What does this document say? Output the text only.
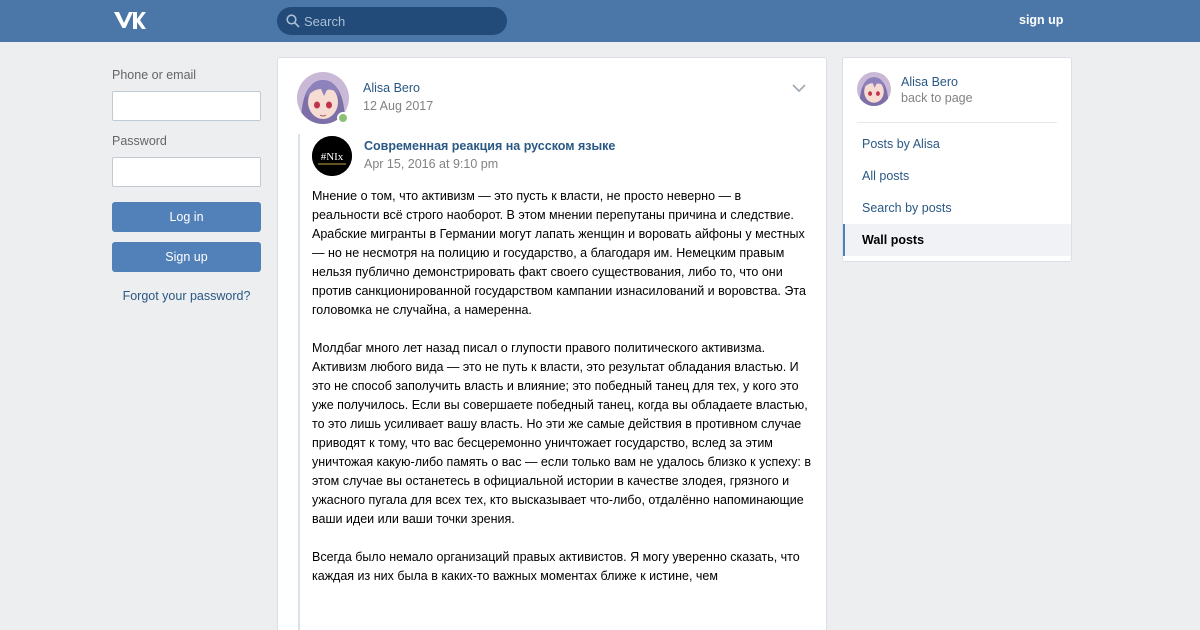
Search
sign up
Phone or email
Password
Log in
Sign up
Forgot your password?
Alisa Bero
12 Aug 2017
#NIx
Современная реакция на русском языке
Apr 15, 2016 at 9:10 pm

Мнение о том, что активизм — это пусть к власти, не просто неверно — в реальности всё строго наоборот. В этом мнении перепутаны причина и следствие. Арабские мигранты в Германии могут лапать женщин и воровать айфоны у местных — но не несмотря на полицию и государство, а благодаря им. Немецким правым нельзя публично демонстрировать факт своего существования, либо то, что они против санкционированной государством кампании изнасилований и воровства. Эта головомка не случайна, а намеренна.

Молдбаг много лет назад писал о глупости правого политического активизма. Активизм любого вида — это не путь к власти, это результат обладания властью. И это не способ заполучить власть и влияние; это победный танец для тех, у кого это уже получилось. Если вы совершаете победный танец, когда вы обладаете властью, то это лишь усиливает вашу власть. Но эти же самые действия в противном случае приводят к тому, что вас бесцеремонно уничтожает государство, вслед за этим уничтожая какую-либо память о вас — если только вам не удалось близко к успеху: в этом случае вы останетесь в официальной истории в качестве злодея, грязного и ужасного пугала для всех тех, кто высказывает что-либо, отдалённо напоминающие ваши идеи или ваши точки зрения.

Всегда было немало организаций правых активистов. Я могу уверенно сказать, что каждая из них была в каких-то важных моментах ближе к истине, чем

Alisa Bero
back to page
Posts by Alisa
All posts
Search by posts
Wall posts
